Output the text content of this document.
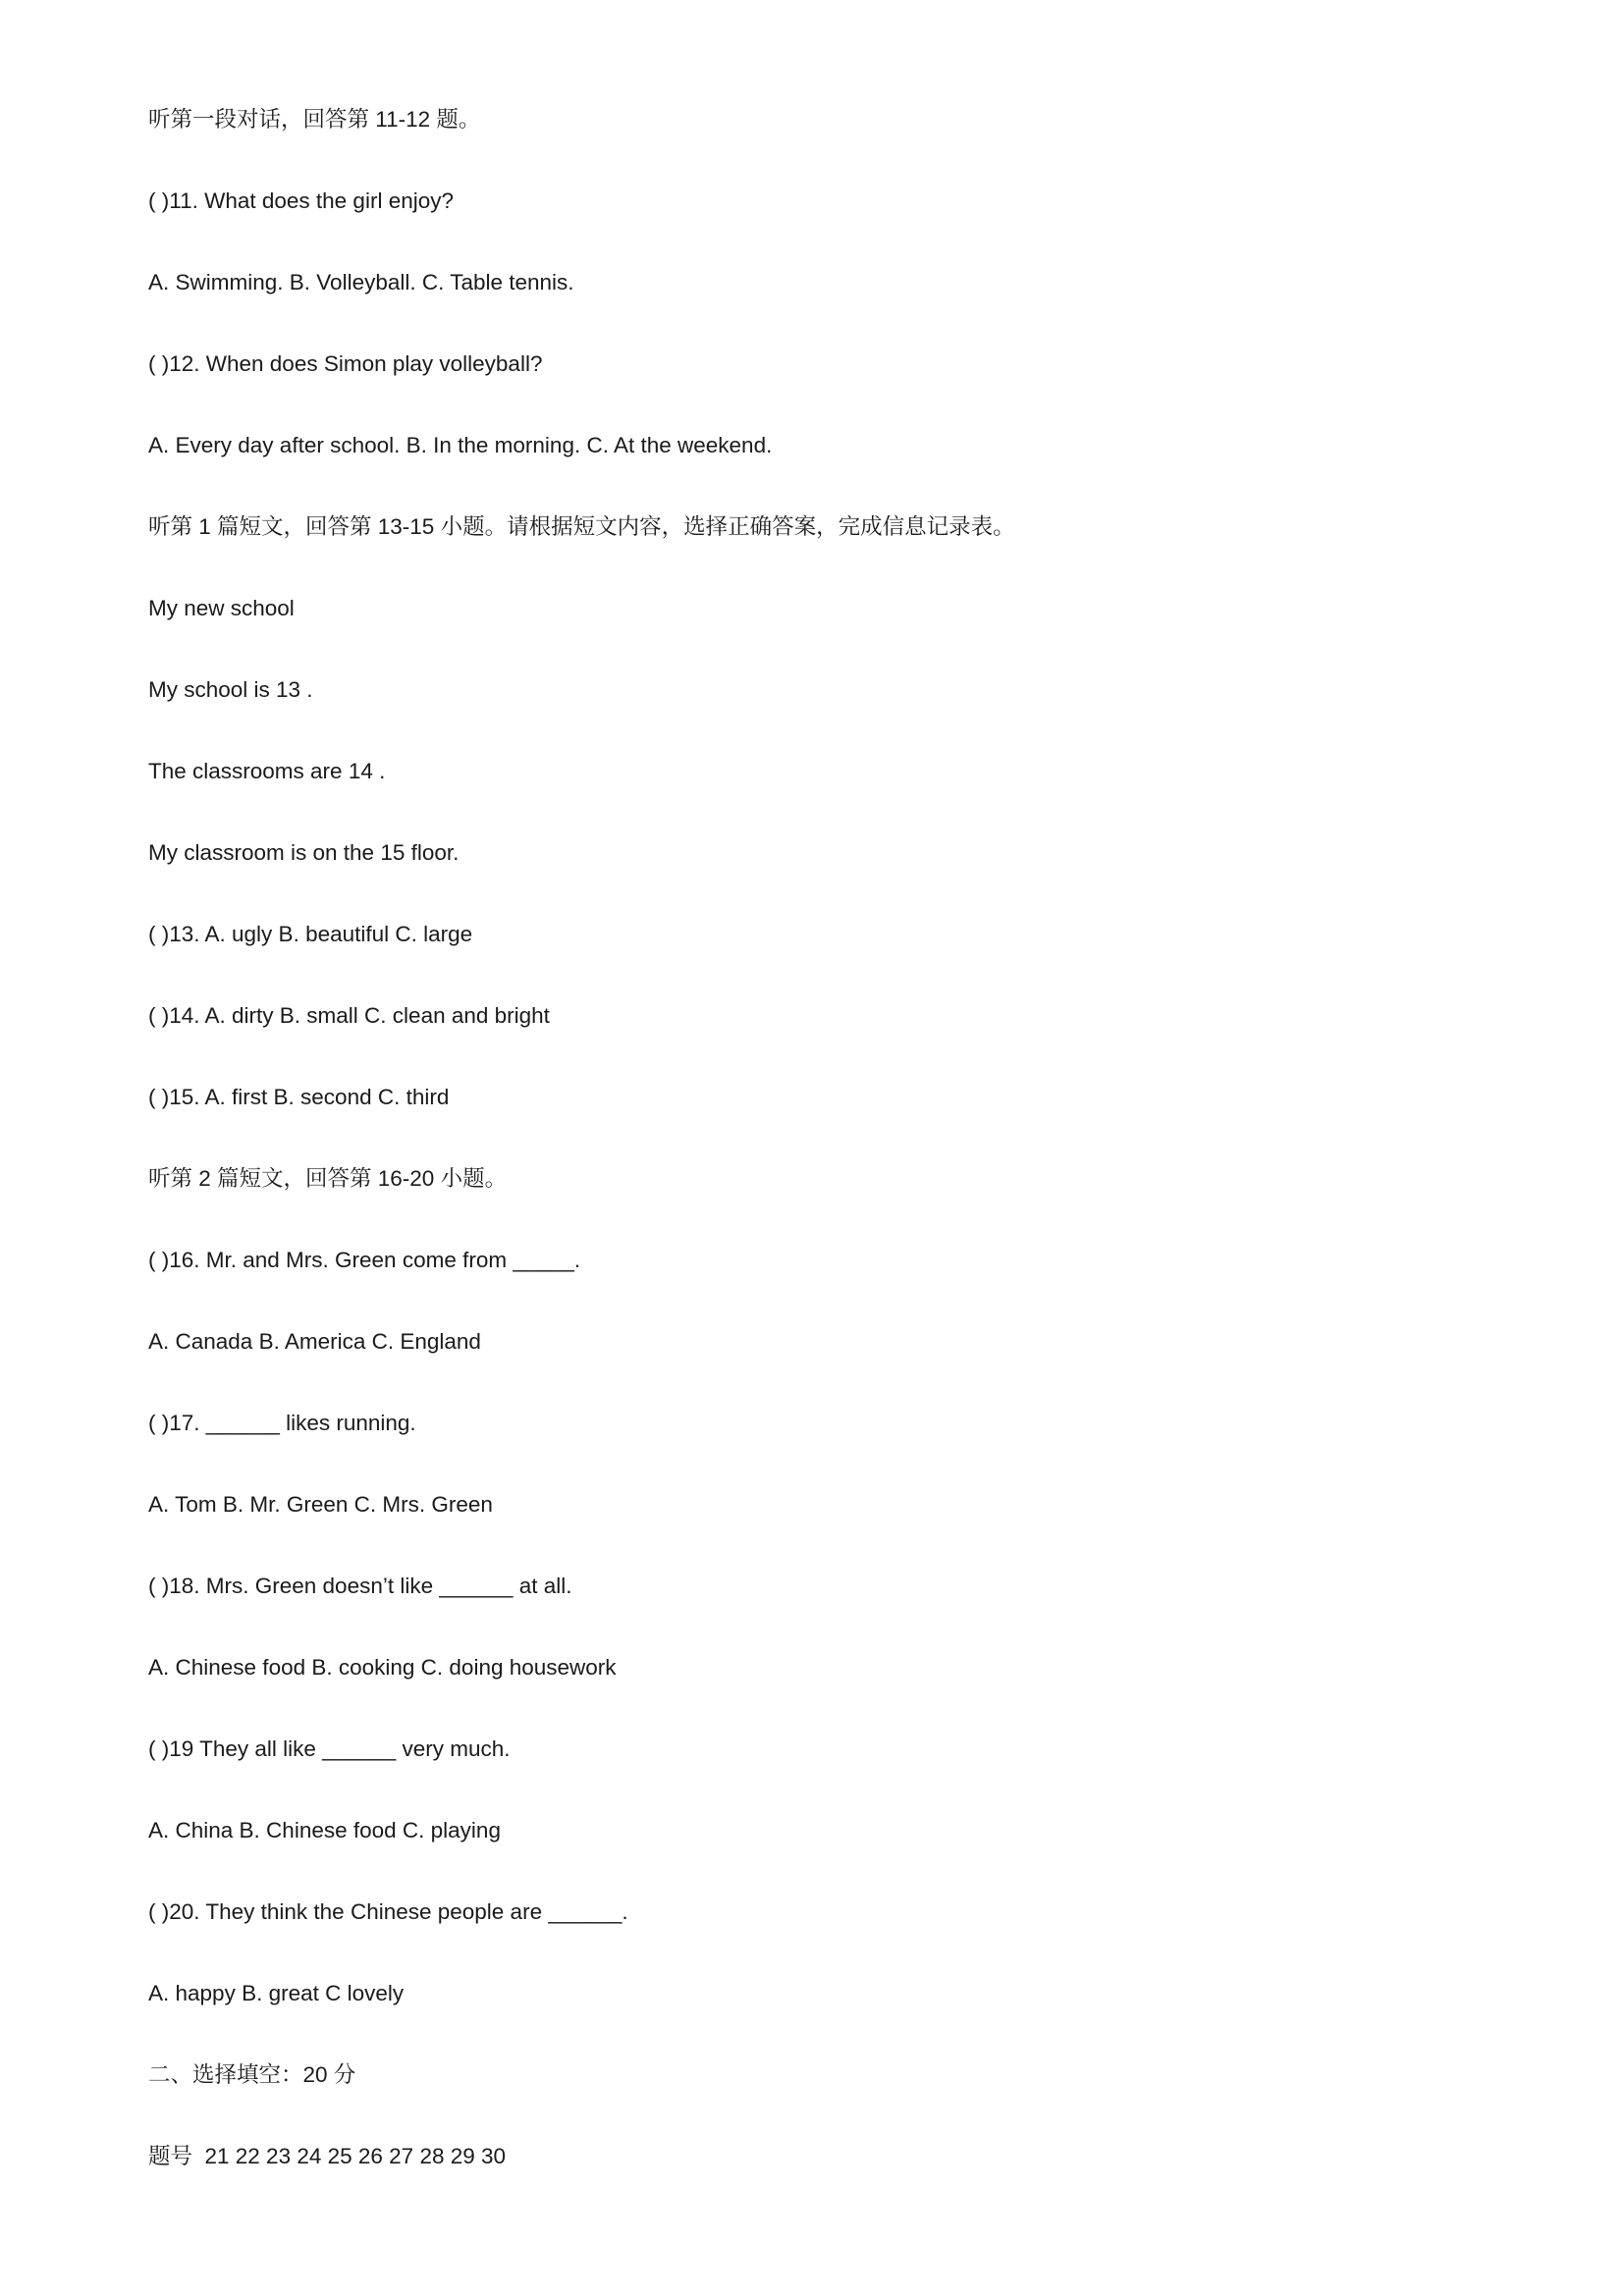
听第一段对话，回答第 11-12 题。
( )11. What does the girl enjoy?
A. Swimming. B. Volleyball. C. Table tennis.
( )12. When does Simon play volleyball?
A. Every day after school. B. In the morning. C. At the weekend.
听第 1 篇短文，回答第 13-15 小题。请根据短文内容，选择正确答案，完成信息记录表。
My new school
My school is 13 .
The classrooms are 14 .
My classroom is on the 15 floor.
( )13. A. ugly B. beautiful C. large
( )14. A. dirty B. small C. clean and bright
( )15. A. first B. second C. third
听第 2 篇短文，回答第 16-20 小题。
( )16. Mr. and Mrs. Green come from _____.
A. Canada B. America C. England
( )17. ______ likes running.
A. Tom B. Mr. Green C. Mrs. Green
( )18. Mrs. Green doesn’t like ______ at all.
A. Chinese food B. cooking C. doing housework
( )19 They all like ______ very much.
A. China B. Chinese food C. playing
( )20. They think the Chinese people are ______.
A. happy B. great C lovely
二、选择填空：20 分
题号  21 22 23 24 25 26 27 28 29 30
